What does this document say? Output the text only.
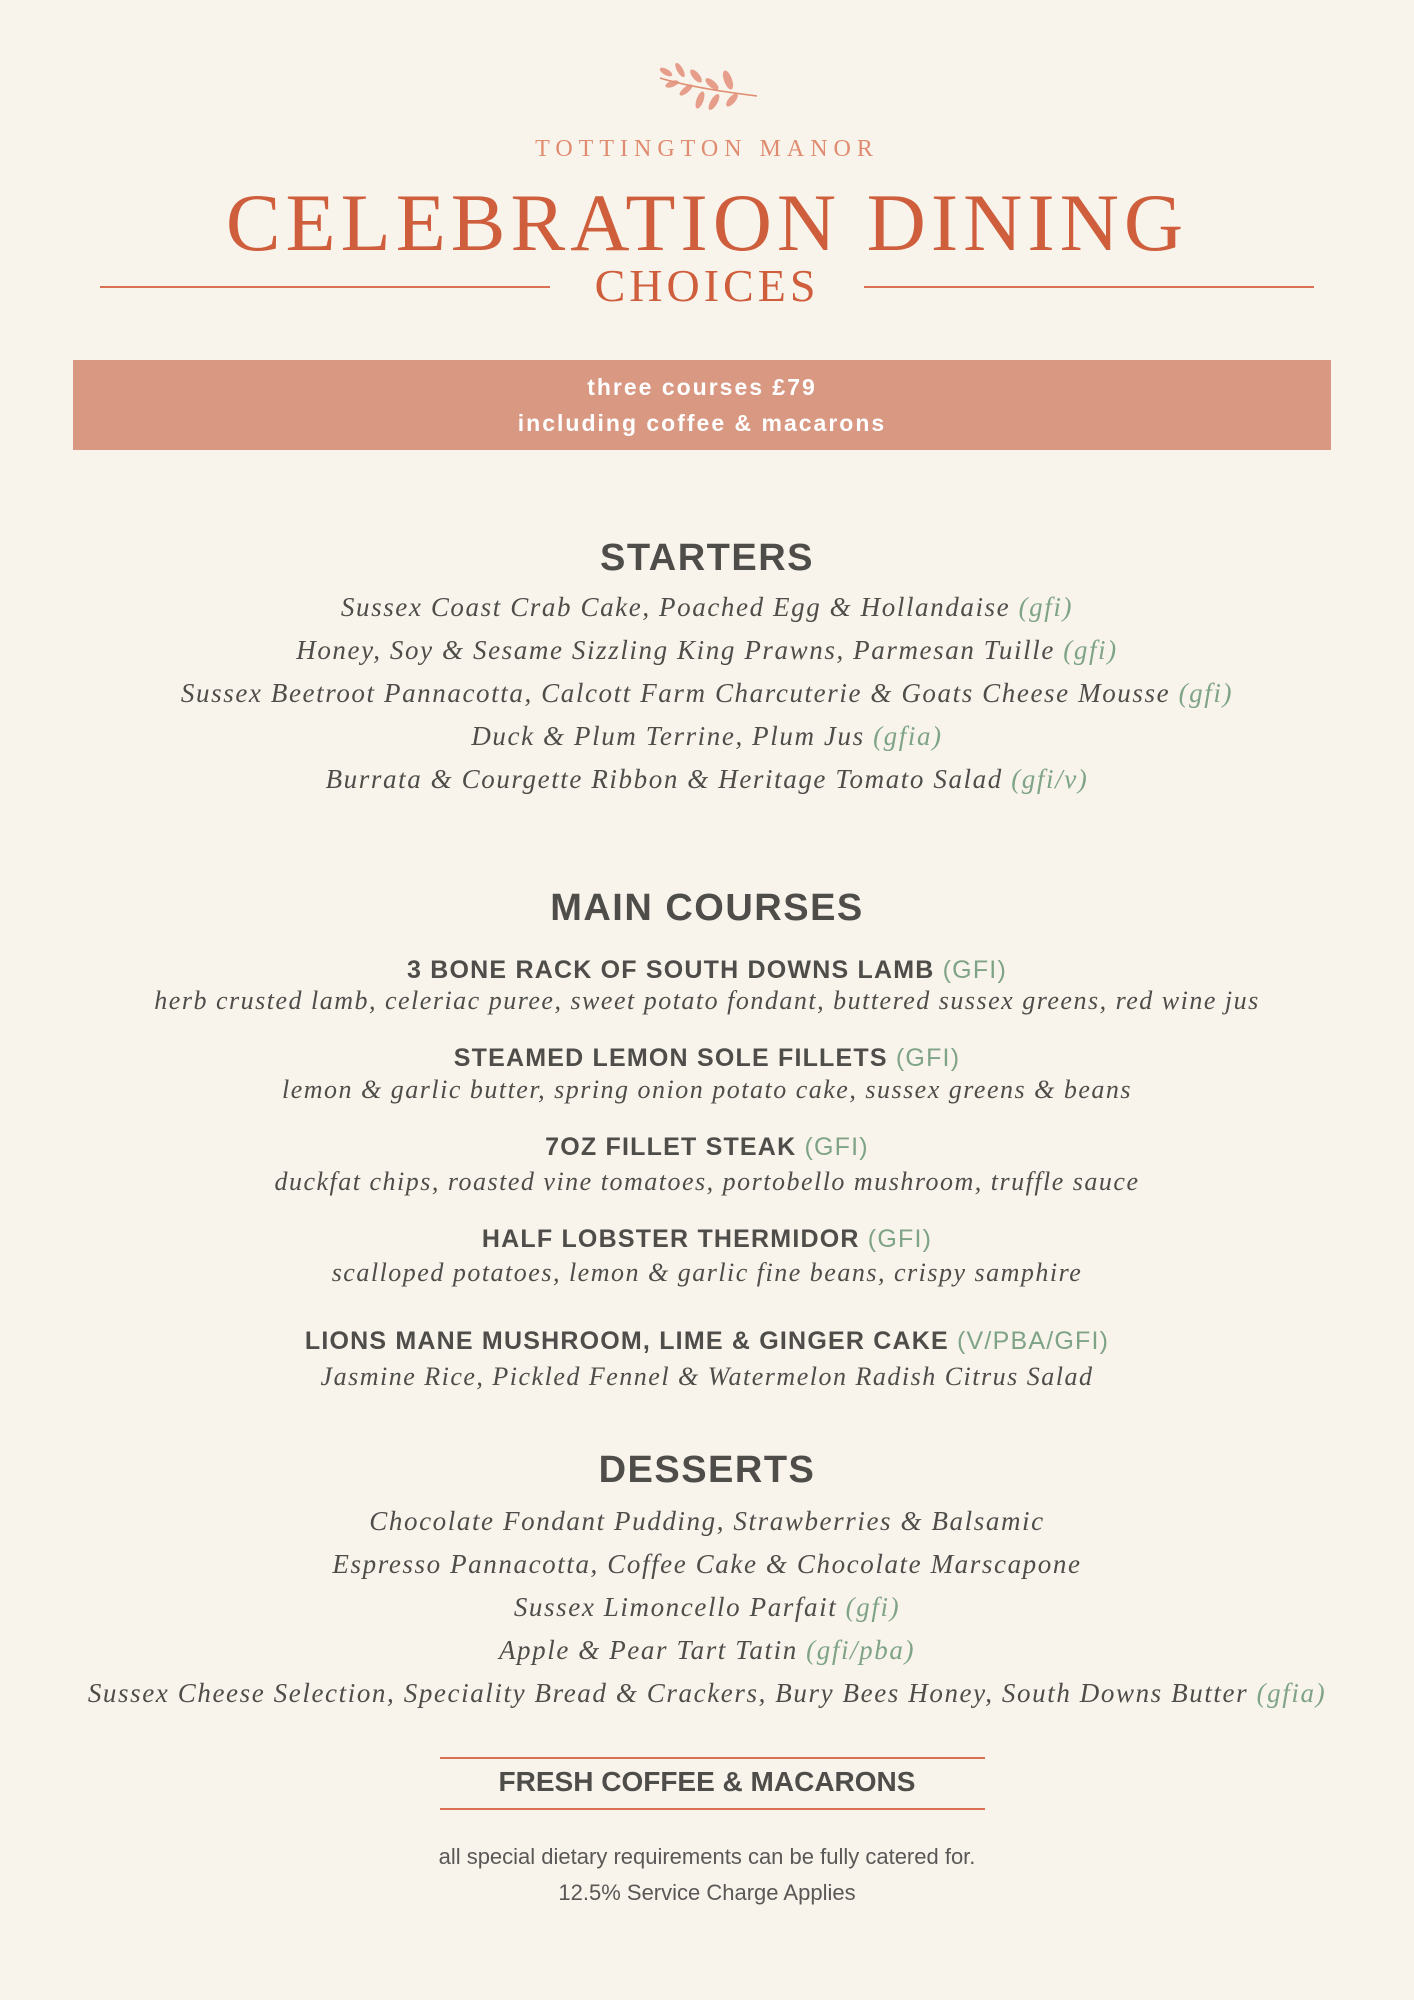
TOTTINGTON MANOR
CELEBRATION DINING
CHOICES
three courses £79
including coffee & macarons
STARTERS
Sussex Coast Crab Cake, Poached Egg & Hollandaise (gfi)
Honey, Soy & Sesame Sizzling King Prawns, Parmesan Tuille (gfi)
Sussex Beetroot Pannacotta, Calcott Farm Charcuterie & Goats Cheese Mousse (gfi)
Duck & Plum Terrine, Plum Jus (gfia)
Burrata & Courgette Ribbon & Heritage Tomato Salad (gfi/v)
MAIN COURSES
3 BONE RACK OF SOUTH DOWNS LAMB (GFI)
herb crusted lamb, celeriac puree, sweet potato fondant, buttered sussex greens, red wine jus
STEAMED LEMON SOLE FILLETS (GFI)
lemon & garlic butter, spring onion potato cake, sussex greens & beans
7OZ FILLET STEAK (GFI)
duckfat chips, roasted vine tomatoes, portobello mushroom, truffle sauce
HALF LOBSTER THERMIDOR (GFI)
scalloped potatoes, lemon & garlic fine beans, crispy samphire
LIONS MANE MUSHROOM, LIME & GINGER CAKE (V/PBA/GFI)
Jasmine Rice, Pickled Fennel & Watermelon Radish Citrus Salad
DESSERTS
Chocolate Fondant Pudding, Strawberries & Balsamic
Espresso Pannacotta, Coffee Cake & Chocolate Marscapone
Sussex Limoncello Parfait (gfi)
Apple & Pear Tart Tatin (gfi/pba)
Sussex Cheese Selection, Speciality Bread & Crackers, Bury Bees Honey, South Downs Butter (gfia)
FRESH COFFEE & MACARONS
all special dietary requirements can be fully catered for.
12.5% Service Charge Applies
